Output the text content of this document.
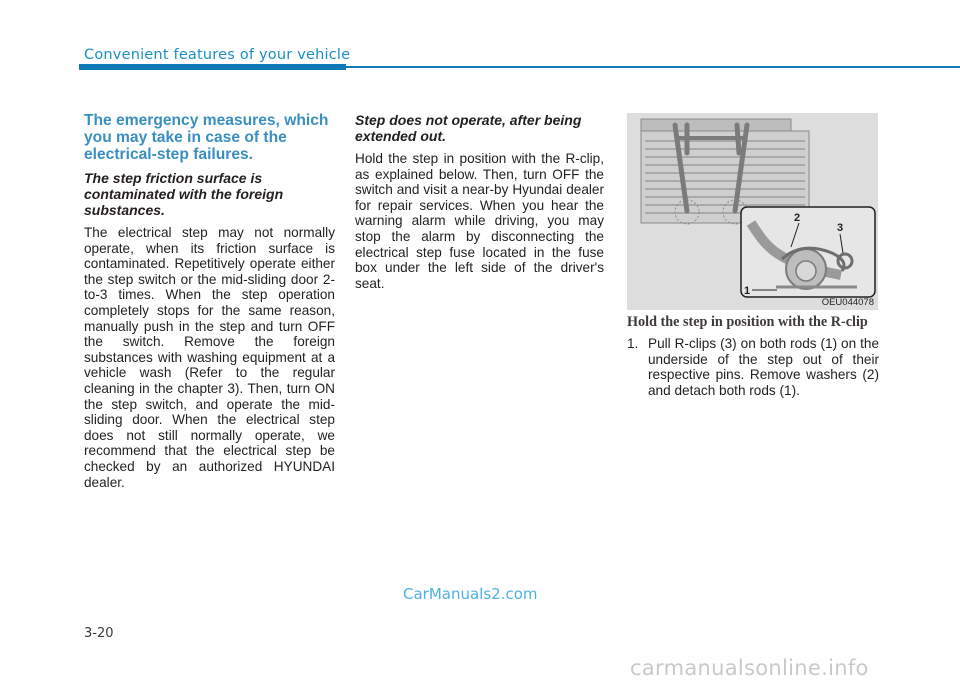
Convenient features of your vehicle
The emergency measures, which you may take in case of the electrical-step failures.
The step friction surface is contaminated with the foreign substances.

The electrical step may not normally operate, when its friction surface is contaminated. Repetitively operate either the step switch or the mid-sliding door 2-to-3 times. When the step operation completely stops for the same reason, manually push in the step and turn OFF the switch. Remove the foreign substances with washing equipment at a vehicle wash (Refer to the regular cleaning in the chapter 3). Then, turn ON the step switch, and operate the mid-sliding door. When the electrical step does not still normally operate, we recommend that the electrical step be checked by an authorized HYUNDAI dealer.

Step does not operate, after being extended out.

Hold the step in position with the R-clip, as explained below. Then, turn OFF the switch and visit a near-by Hyundai dealer for repair services. When you hear the warning alarm while driving, you may stop the alarm by disconnecting the electrical step fuse located in the fuse box under the left side of the driver's seat.

2
3
1
OEU044078
Hold the step in position with the R-clip
1. Pull R-clips (3) on both rods (1) on the underside of the step out of their respective pins. Remove washers (2) and detach both rods (1).
CarManuals2.com
3-20
carmanualsonline.info
